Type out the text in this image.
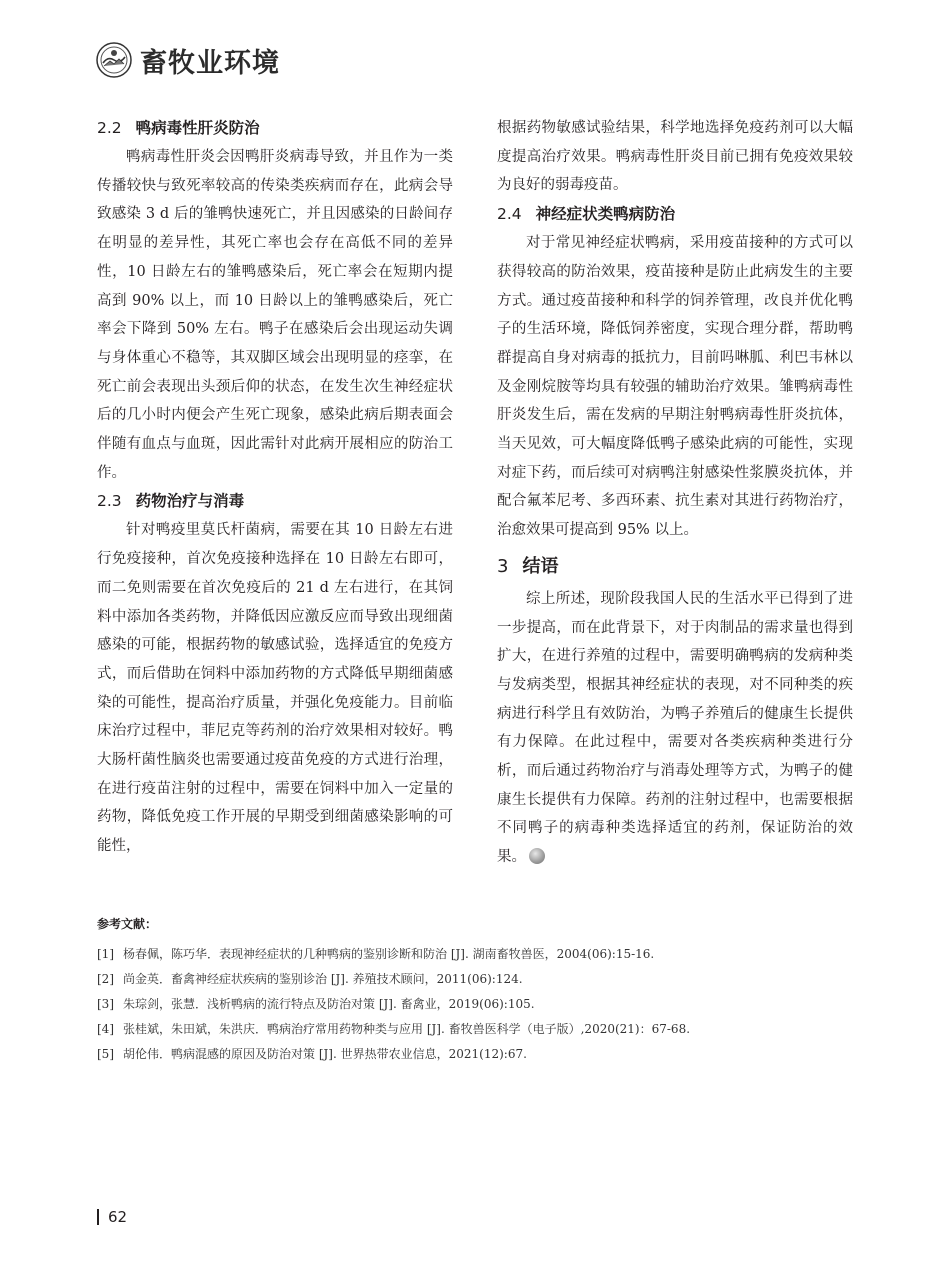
畜牧业环境
2.2 鸭病毒性肝炎防治

鸭病毒性肝炎会因鸭肝炎病毒导致，并且作为一类传播较快与致死率较高的传染类疾病而存在，此病会导致感染 3 d 后的雏鸭快速死亡，并且因感染的日龄间存在明显的差异性，其死亡率也会存在高低不同的差异性，10 日龄左右的雏鸭感染后，死亡率会在短期内提高到 90% 以上，而 10 日龄以上的雏鸭感染后，死亡率会下降到 50% 左右。鸭子在感染后会出现运动失调与身体重心不稳等，其双脚区域会出现明显的痉挛，在死亡前会表现出头颈后仰的状态，在发生次生神经症状后的几小时内便会产生死亡现象，感染此病后期表面会伴随有血点与血斑，因此需针对此病开展相应的防治工作。

2.3 药物治疗与消毒

针对鸭疫里莫氏杆菌病，需要在其 10 日龄左右进行免疫接种，首次免疫接种选择在 10 日龄左右即可，而二免则需要在首次免疫后的 21 d 左右进行，在其饲料中添加各类药物，并降低因应激反应而导致出现细菌感染的可能，根据药物的敏感试验，选择适宜的免疫方式，而后借助在饲料中添加药物的方式降低早期细菌感染的可能性，提高治疗质量，并强化免疫能力。目前临床治疗过程中，菲尼克等药剂的治疗效果相对较好。鸭大肠杆菌性脑炎也需要通过疫苗免疫的方式进行治理，在进行疫苗注射的过程中，需要在饲料中加入一定量的药物，降低免疫工作开展的早期受到细菌感染影响的可能性，

根据药物敏感试验结果，科学地选择免疫药剂可以大幅度提高治疗效果。鸭病毒性肝炎目前已拥有免疫效果较为良好的弱毒疫苗。

2.4 神经症状类鸭病防治

对于常见神经症状鸭病，采用疫苗接种的方式可以获得较高的防治效果，疫苗接种是防止此病发生的主要方式。通过疫苗接种和科学的饲养管理，改良并优化鸭子的生活环境，降低饲养密度，实现合理分群，帮助鸭群提高自身对病毒的抵抗力，目前吗啉胍、利巴韦林以及金刚烷胺等均具有较强的辅助治疗效果。雏鸭病毒性肝炎发生后，需在发病的早期注射鸭病毒性肝炎抗体，当天见效，可大幅度降低鸭子感染此病的可能性，实现对症下药，而后续可对病鸭注射感染性浆膜炎抗体，并配合氟苯尼考、多西环素、抗生素对其进行药物治疗，治愈效果可提高到 95% 以上。

3 结语

综上所述，现阶段我国人民的生活水平已得到了进一步提高，而在此背景下，对于肉制品的需求量也得到扩大，在进行养殖的过程中，需要明确鸭病的发病种类与发病类型，根据其神经症状的表现，对不同种类的疾病进行科学且有效防治，为鸭子养殖后的健康生长提供有力保障。在此过程中，需要对各类疾病种类进行分析，而后通过药物治疗与消毒处理等方式，为鸭子的健康生长提供有力保障。药剂的注射过程中，也需要根据不同鸭子的病毒种类选择适宜的药剂，保证防治的效果。

参考文献：
[1] 杨春佩，陈巧华．表现神经症状的几种鸭病的鉴别诊断和防治 [J]. 湖南畜牧兽医，2004(06):15-16.
[2] 尚金英．畜禽神经症状疾病的鉴别诊治 [J]. 养殖技术顾问，2011(06):124.
[3] 朱琮剑，张慧．浅析鸭病的流行特点及防治对策 [J]. 畜禽业，2019(06):105.
[4] 张桂斌，朱田斌，朱洪庆．鸭病治疗常用药物种类与应用 [J]. 畜牧兽医科学（电子版）,2020(21)：67-68.
[5] 胡伦伟．鸭病混感的原因及防治对策 [J]. 世界热带农业信息，2021(12):67.
62
